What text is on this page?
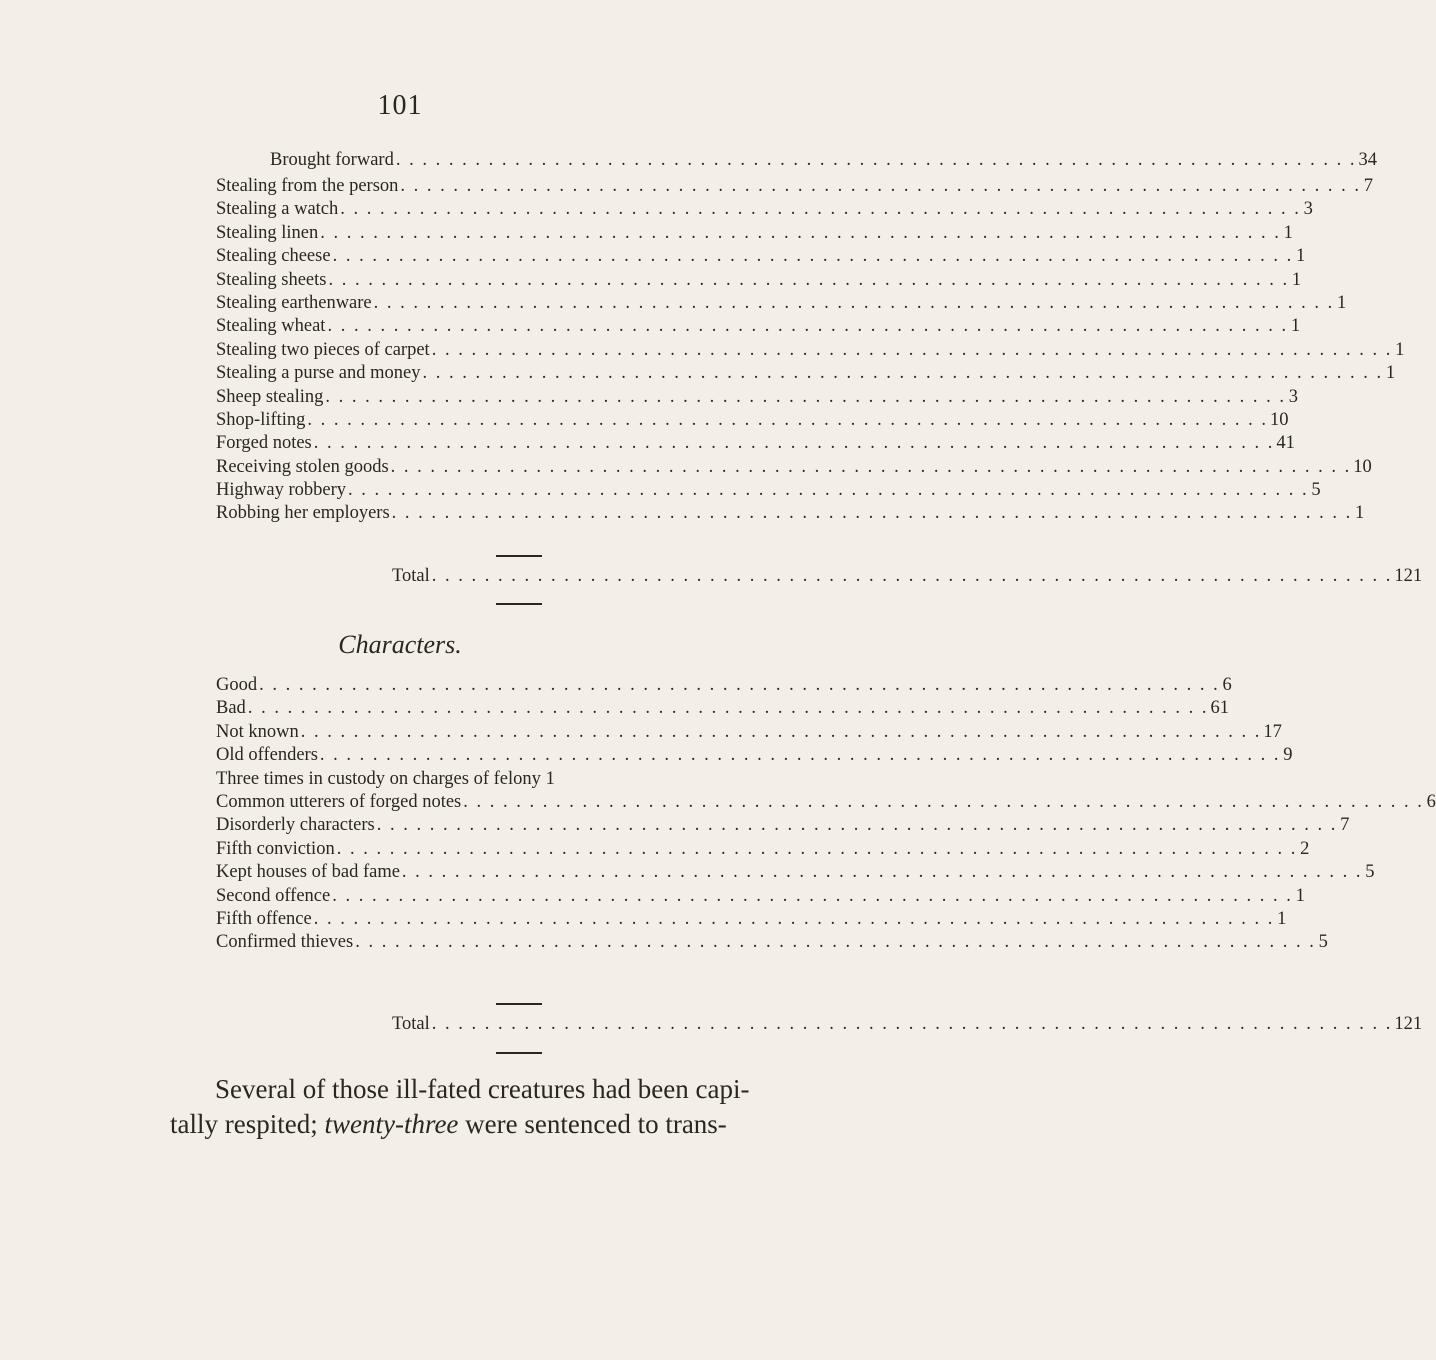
101
Brought forward . . .	34
Stealing from the person . . .	7
Stealing a watch . . .	3
Stealing linen . . .	1
Stealing cheese . . .	1
Stealing sheets . . .	1
Stealing earthenware . . .	1
Stealing wheat . . .	1
Stealing two pieces of carpet . . .	1
Stealing a purse and money . . .	1
Sheep stealing . . .	3
Shop-lifting . . .	10
Forged notes . . .	41
Receiving stolen goods . . .	10
Highway robbery . . .	5
Robbing her employers . . .	1
Total . . .	121
Characters.
Good . . .	6
Bad . . .	61
Not known . . .	17
Old offenders . . .	9
Three times in custody on charges of felony 1
Common utterers of forged notes . . .	6
Disorderly characters . . .	7
Fifth conviction . . .	2
Kept houses of bad fame . . .	5
Second offence . . .	1
Fifth offence . . .	1
Confirmed thieves . . .	5
Total . . .	121
Several of those ill-fated creatures had been capi-
tally respited; twenty-three were sentenced to trans-
